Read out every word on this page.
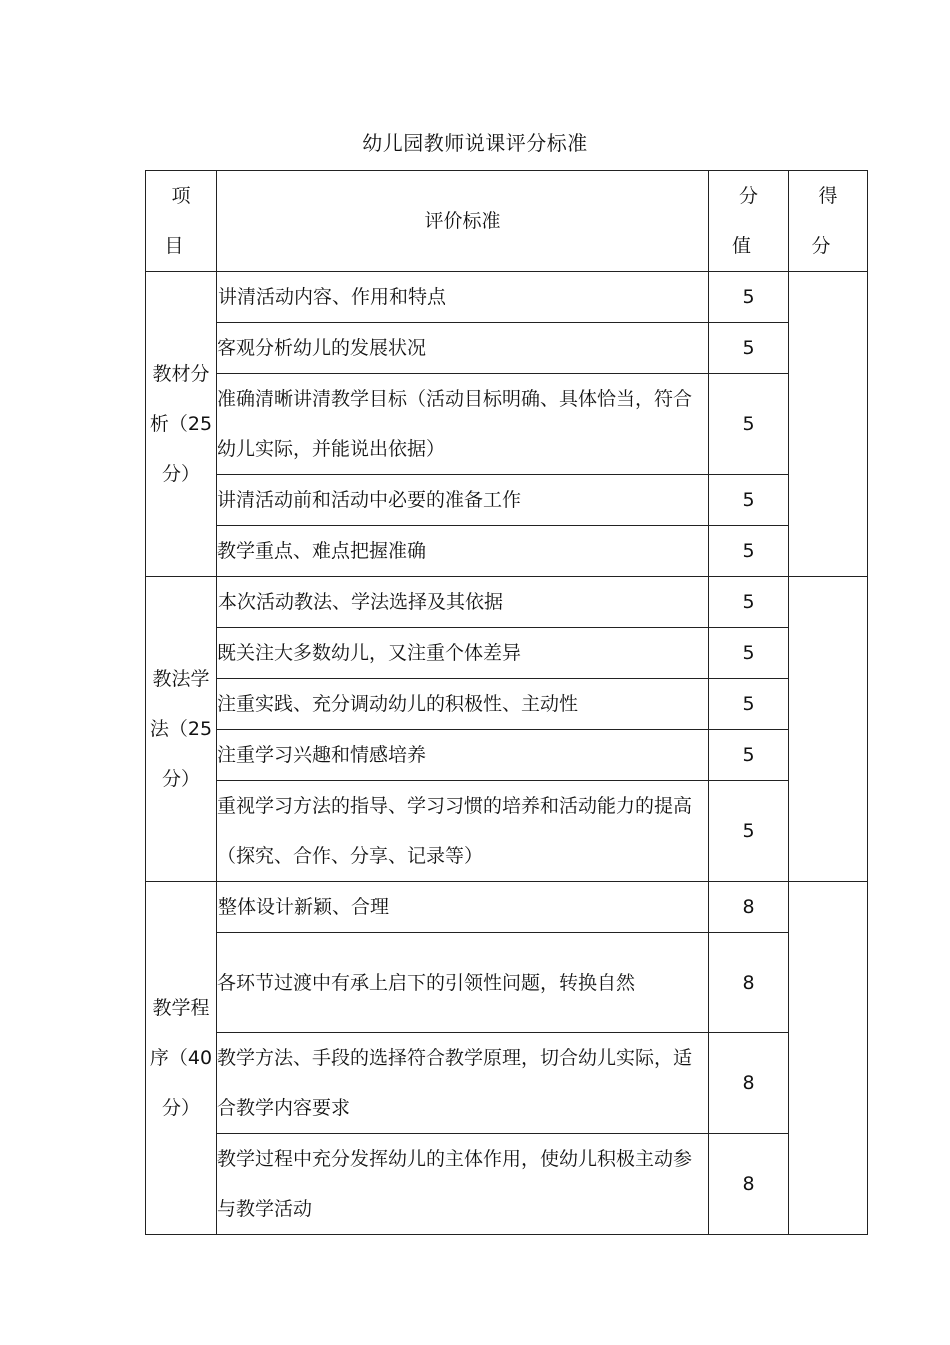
幼儿园教师说课评分标准
项 目	评价标准	分 值	得 分
教材分析（25分）	讲清活动内容、作用和特点	5	
	客观分析幼儿的发展状况	5	
	准确清晰讲清教学目标（活动目标明确、具体恰当，符合幼儿实际，并能说出依据）	5	
	讲清活动前和活动中必要的准备工作	5	
	教学重点、难点把握准确	5	
教法学法（25分）	本次活动教法、学法选择及其依据	5	
	既关注大多数幼儿，又注重个体差异	5	
	注重实践、充分调动幼儿的积极性、主动性	5	
	注重学习兴趣和情感培养	5	
	重视学习方法的指导、学习习惯的培养和活动能力的提高（探究、合作、分享、记录等）	5	
教学程序（40分）	整体设计新颖、合理	8	
	各环节过渡中有承上启下的引领性问题，转换自然	8	
	教学方法、手段的选择符合教学原理，切合幼儿实际，适合教学内容要求	8	
	教学过程中充分发挥幼儿的主体作用，使幼儿积极主动参与教学活动	8	
